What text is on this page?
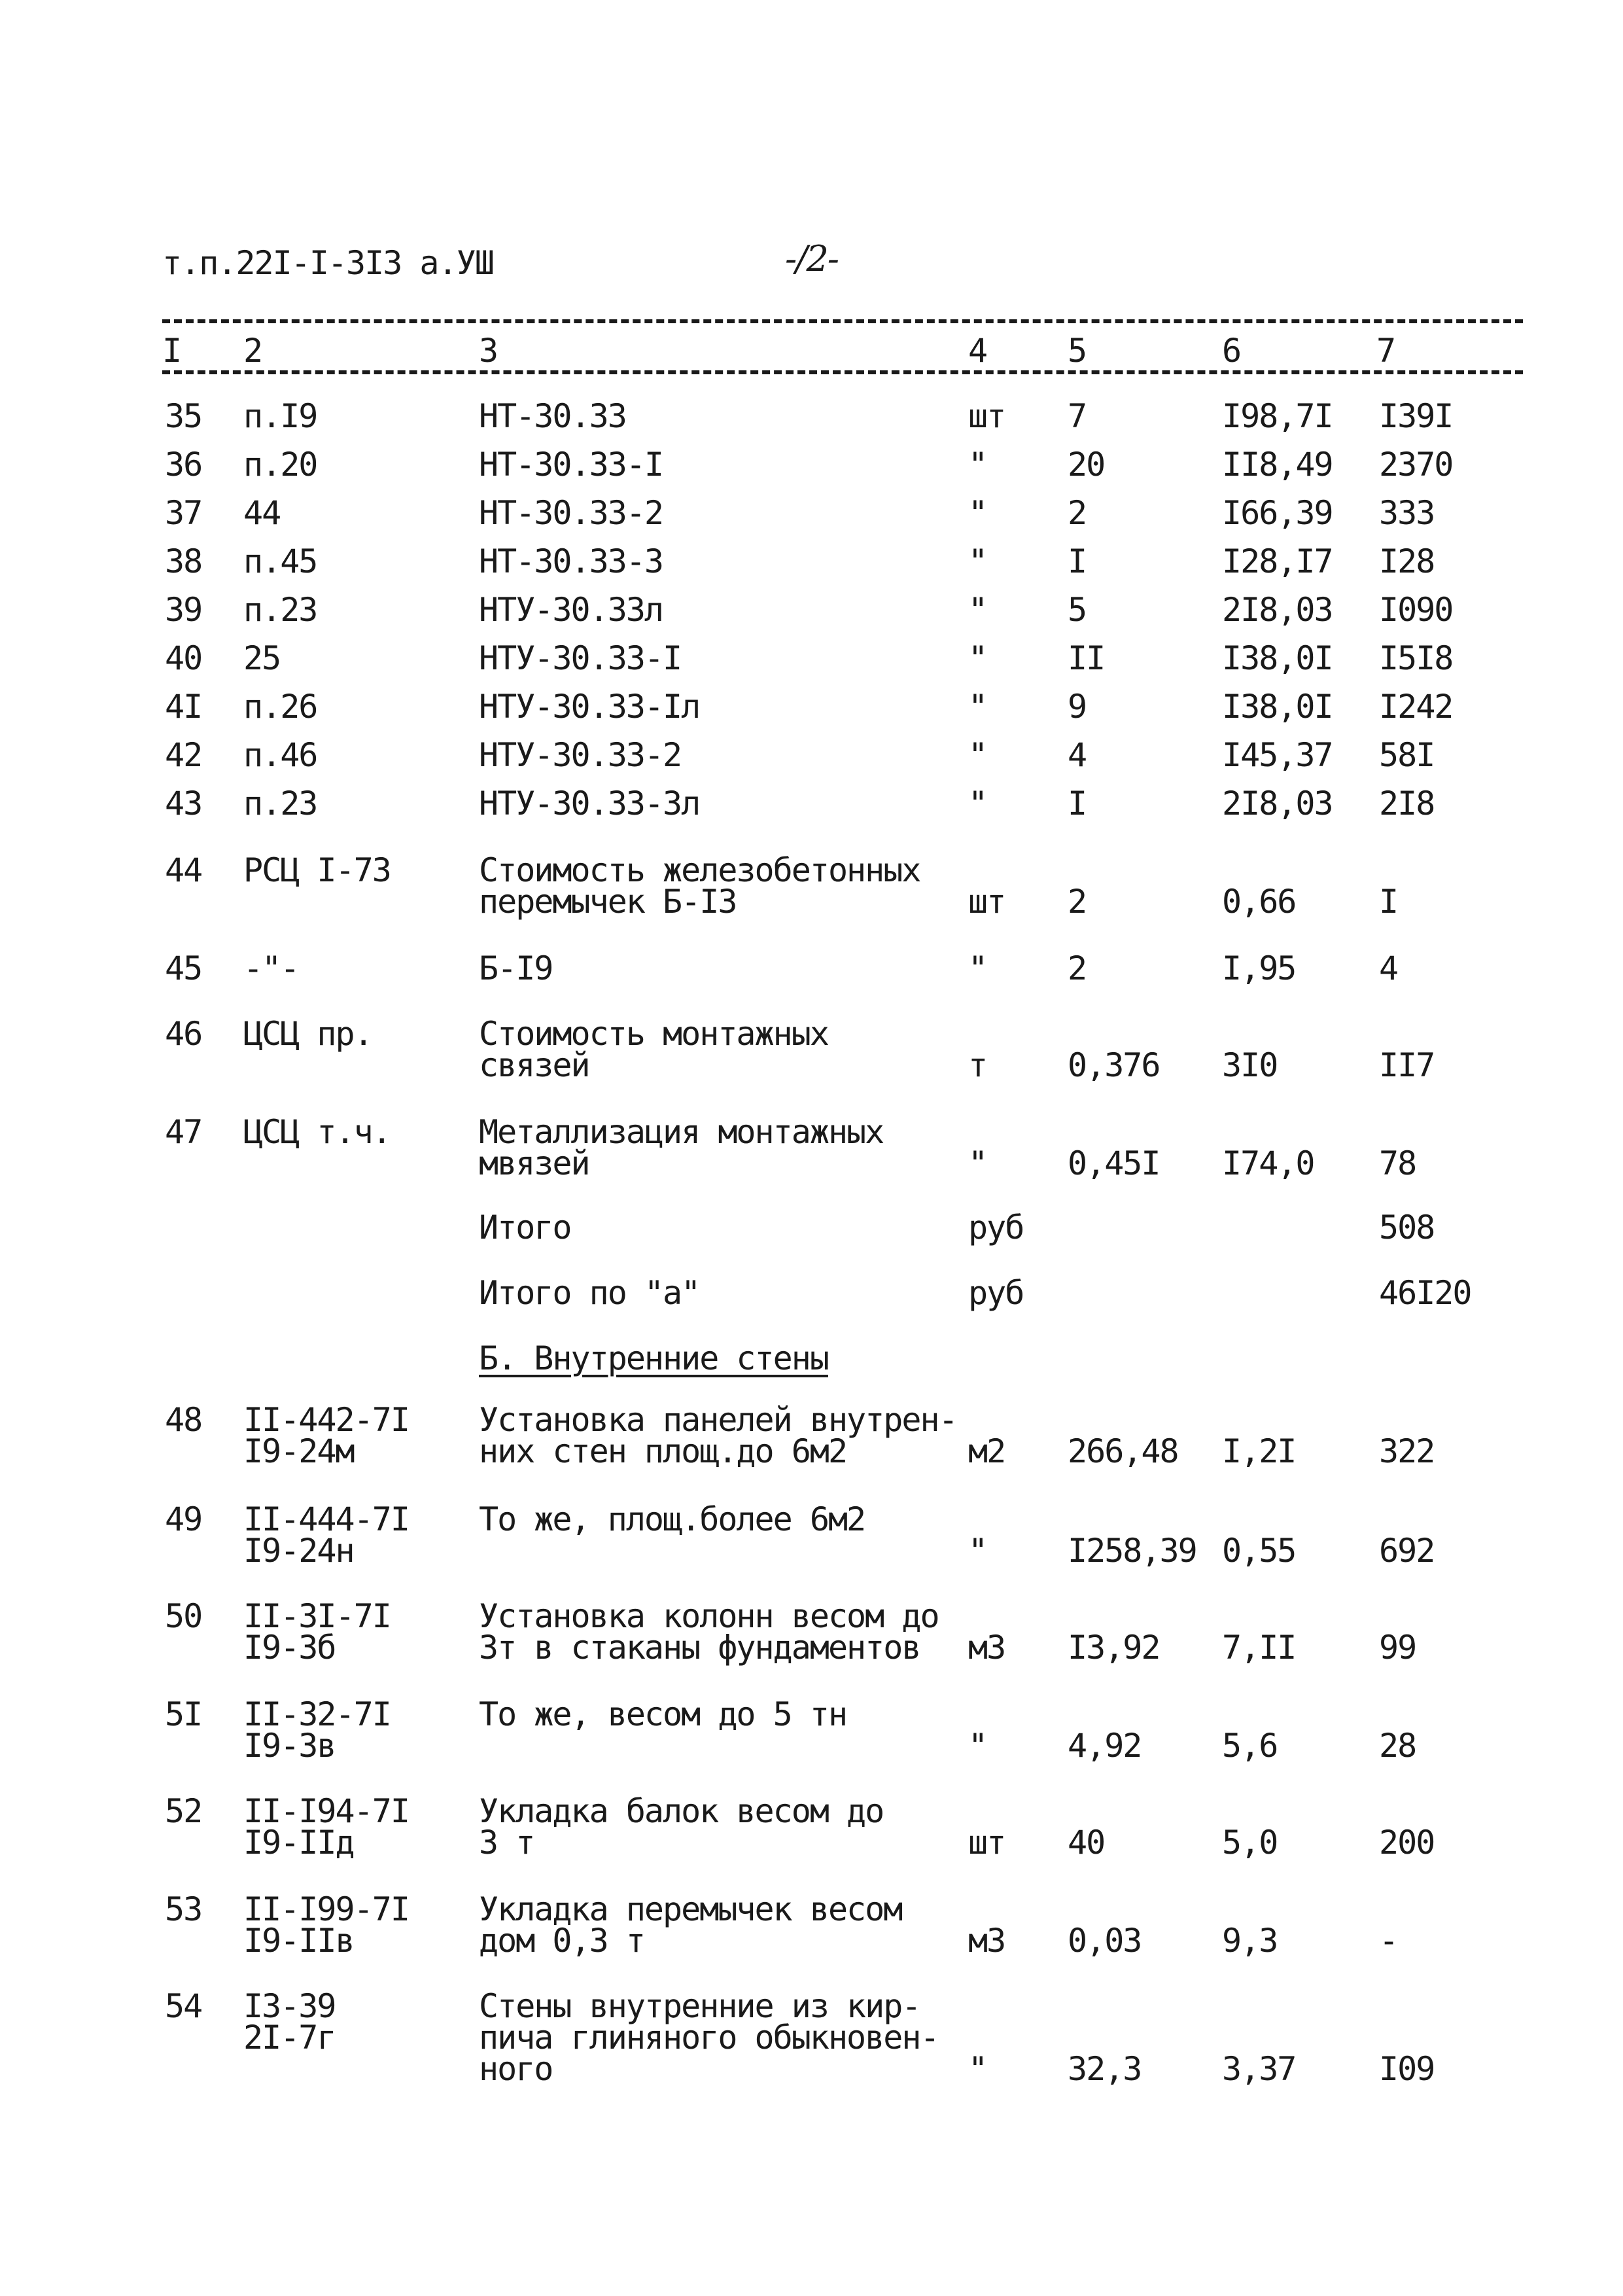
т.п.22I-I-3I3 а.УШ	-/2-
I 2	3	4 5	6	7
35 п.I9	НТ-30.33	шт 7	I98,7I I39I
36 п.20	НТ-30.33-I	" 20	II8,49 2370
37 44	НТ-30.33-2	" 2	I66,39 333
38 п.45	НТ-30.33-3	" I	I28,I7 I28
39 п.23	НТУ-30.33л	" 5	2I8,03 I090
40 25	НТУ-30.33-I	" II	I38,0I I5I8
4I п.26	НТУ-30.33-Iл	" 9	I38,0I I242
42 п.46	НТУ-30.33-2	" 4	I45,37 58I
43 п.23	НТУ-30.33-3л	" I	2I8,03 2I8
44 РСЦ I-73	Стоимость железобетонных
перемычек Б-I3	шт 2	0,66	I
45 -"-	Б-I9	" 2	I,95	4
46 ЦСЦ пр.	Стоимость монтажных
связей	т 0,376 3I0	II7
47 ЦСЦ т.ч.	Металлизация монтажных
мвязей	" 0,45I I74,0 78
Итого	руб	508
Итого по "а"	руб	46I20
Б. Внутренние стены
48 II-442-7I
I9-24м
Установка панелей внутрен-
них стен площ.до 6м2	м2 266,48 I,2I	322
49 II-444-7I
I9-24н
То же, площ.более 6м2
" I258,39 0,55	692
50 II-3I-7I
I9-3б
Установка колонн весом до
3т в стаканы фундаментов	м3 I3,92 7,II	99
5I II-32-7I
I9-3в
То же, весом до 5 тн
" 4,92 5,6	28
52 II-I94-7I
I9-IIд
Укладка балок весом до
3 т	шт 40	5,0	200
53 II-I99-7I
I9-IIв
Укладка перемычек весом
дом 0,3 т	м3 0,03 9,3	-
54 I3-39
2I-7г
Стены внутренние из кир-
пича глиняного обыкновен-
ного	" 32,3 3,37	I09
